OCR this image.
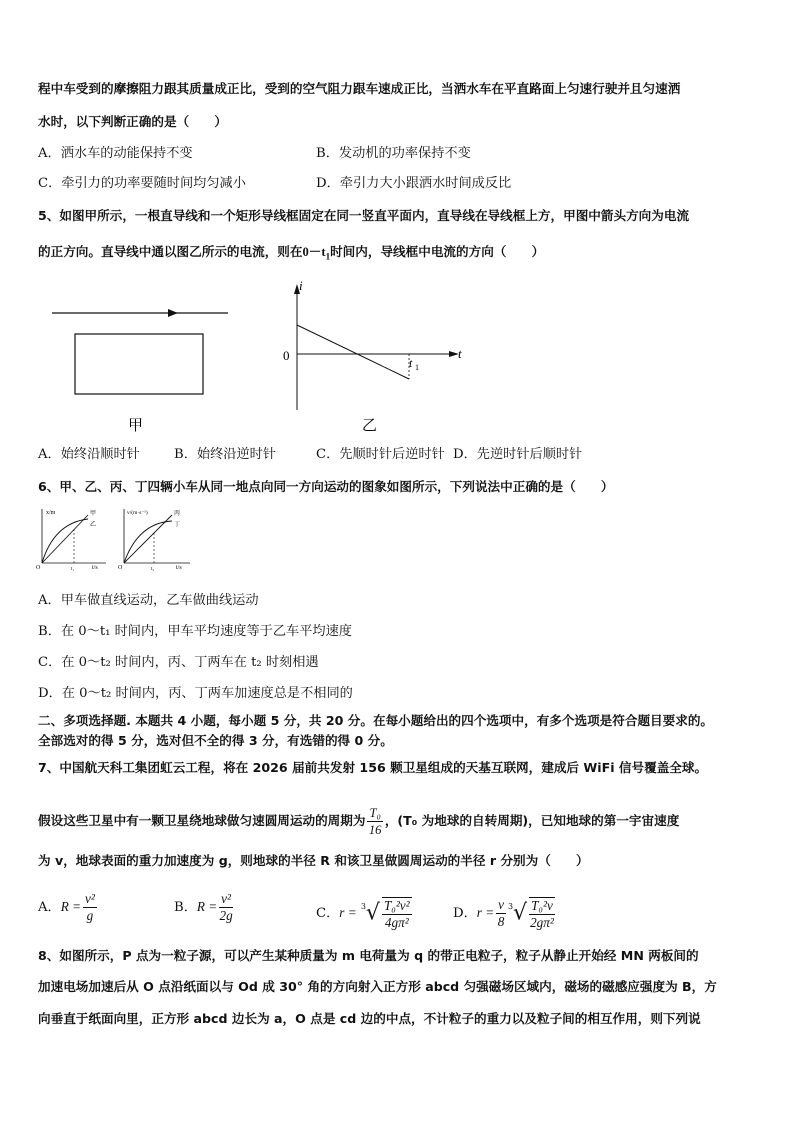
程中车受到的摩擦阻力跟其质量成正比，受到的空气阻力跟车速成正比，当洒水车在平直路面上匀速行驶并且匀速洒
水时，以下判断正确的是（　　）
A．洒水车的动能保持不变	B．发动机的功率保持不变
C．牵引力的功率要随时间均匀减小	D．牵引力大小跟洒水时间成反比
5、如图甲所示，一根直导线和一个矩形导线框固定在同一竖直平面内，直导线在导线框上方，甲图中箭头方向为电流
的正方向。直导线中通以图乙所示的电流，则在$0-t_1$时间内，导线框中电流的方向（　　）
甲
i
t
0	t 1
乙
A．始终沿顺时针	B．始终沿逆时针	C．先顺时针后逆时针 D．先逆时针后顺时针
6、甲、乙、丙、丁四辆小车从同一地点向同一方向运动的图象如图所示，下列说法中正确的是（　　）
x/m
t/s
O	t₁
甲
乙
v/(m·s⁻¹)
t/s
O	t₂
丙
丁
A．甲车做直线运动，乙车做曲线运动
B．在 0～t₁ 时间内，甲车平均速度等于乙车平均速度
C．在 0～t₂ 时间内，丙、丁两车在 t₂ 时刻相遇
D．在 0～t₂ 时间内，丙、丁两车加速度总是不相同的
二、多项选择题. 本题共 4 小题，每小题 5 分，共 20 分。在每小题给出的四个选项中，有多个选项是符合题目要求的。
全部选对的得 5 分，选对但不全的得 3 分，有选错的得 0 分。
7、中国航天科工集团虹云工程，将在 2026 届前共发射 156 颗卫星组成的天基互联网，建成后 WiFi 信号覆盖全球。
假设这些卫星中有一颗卫星绕地球做匀速圆周运动的周期为 $\frac{\text{T₀}}{16}$ ，(T₀ 为地球的自转周期)，已知地球的第一宇宙速度
为 v，地球表面的重力加速度为 g，则地球的半径 R 和该卫星做圆周运动的半径 r 分别为（　　）
A．$R = \frac{\text{v²}}{g}$	B．$R = \frac{\text{v²}}{2g}$	C．$r = ^3√ \frac{\text{T₀²v²}}{\text{4gπ²}}$	D．$r = \frac{v}{8} ^3√ \frac{\text{T₀²v}}{\text{2gπ²}}$
8、如图所示，P 点为一粒子源，可以产生某种质量为 m 电荷量为 q 的带正电粒子，粒子从静止开始经 MN 两板间的
加速电场加速后从 O 点沿纸面以与 Od 成 30° 角的方向射入正方形 abcd 匀强磁场区域内，磁场的磁感应强度为 B，方
向垂直于纸面向里，正方形 abcd 边长为 a，O 点是 cd 边的中点，不计粒子的重力以及粒子间的相互作用，则下列说
